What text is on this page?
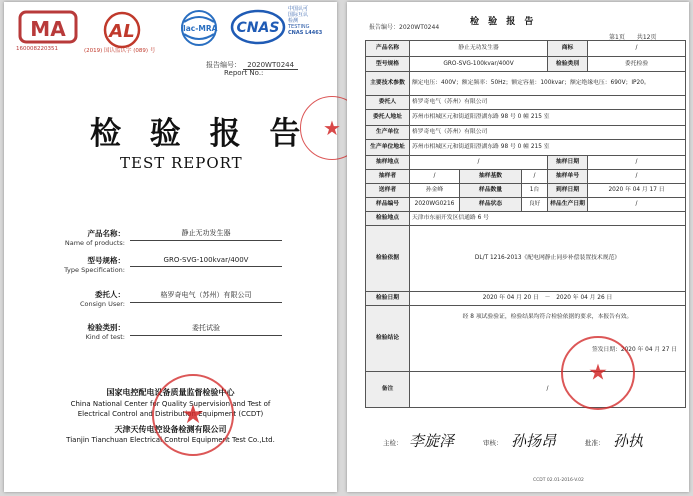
MA
160008220351
AL
(2019) 国认监认字 (089) 号
ilac-MRA CNAS
中国认可
国际互认
检测
TESTING
CNAS L4463
报告编号： 2020WT0244
Report No.:
检 验 报 告
TEST REPORT
产品名称：
Name of products:
静止无功发生器
型号规格：
Type Specification:
GRO-SVG-100kvar/400V
委托人：
Consign User:
格罗奇电气（苏州）有限公司
检验类别：
Kind of test:
委托试验
国家电控配电设备质量监督检验中心
China National Center for Quality Supervision and Test of
Electrical Control and Distribution Equipment (CCDT)
天津天传电控设备检测有限公司
Tianjin Tianchuan Electrical Control Equipment Test Co.,Ltd.
★
★
报告编号：2020WT0244
检 验 报 告
第1页　　共12页
产品名称	静止无功发生器			商标	/
型号规格	GRO-SVG-100kvar/400V			检验类别	委托检验
主要技术参数	额定电压：400V；额定频率：50Hz；额定容量：100kvar；额定绝缘电压：690V；IP20。				
委托人	格罗奇电气（苏州）有限公司				
委托人地址	苏州市相城区元和街道阳澄湖东路 98 号 0 幢 215 室				
生产单位	格罗奇电气（苏州）有限公司				
生产单位地址	苏州市相城区元和街道阳澄湖东路 98 号 0 幢 215 室				
抽样地点	/			抽样日期	/
抽样者	/	抽样基数	/	抽样单号	/
送样者	孙金峰	样品数量	1台	到样日期	2020 年 04 月 17 日
样品编号	2020WG0216	样品状态	良好	样品生产日期	/
检验地点	天津市东丽开发区信通路 6 号				
检验依据	DL/T 1216-2013《配电网静止同步补偿装置技术规范》				
检验日期	2020 年 04 月 20 日　－　2020 年 04 月 26 日				
检验结论	经 8 项试验验证，检验结果均符合检验依据的要求，本报告有效。
签发日期：2020 年 04 月 27 日				

备注	/				
★
主检： 李旋泽	审核： 孙扬昂	批准： 孙执
CCDT 02.01-2016-V.02
